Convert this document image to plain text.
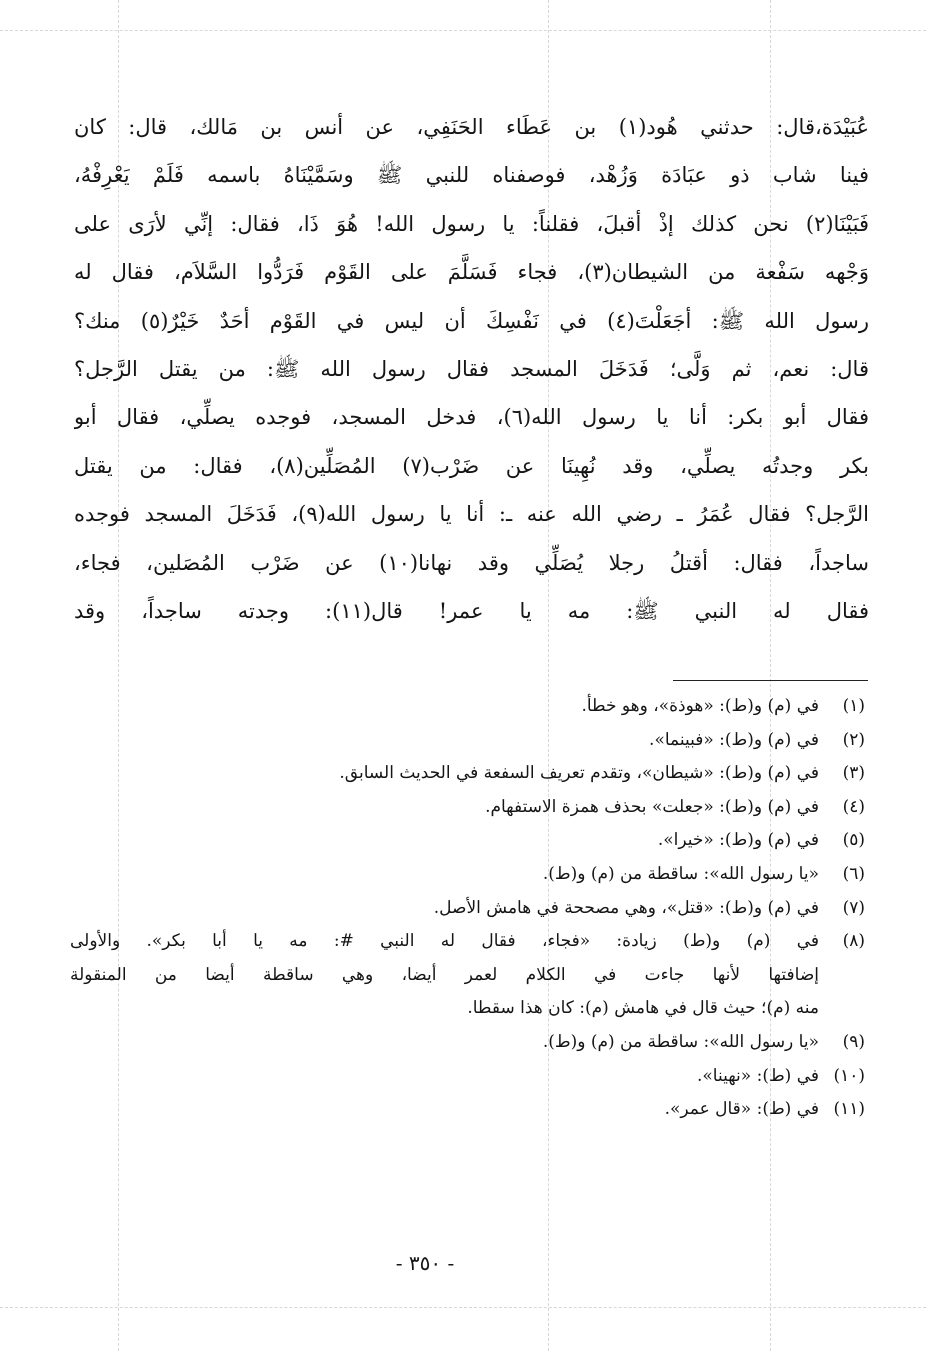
عُبَيْدَة،قال: حدثني هُود(١) بن عَطَاء الحَنَفِي، عن أنس بن مَالك، قال: كان
فينا شاب ذو عبَادَة وَزُهْد، فوصفناه للنبي ﷺ وسَمَّيْنَاهُ باسمه فَلَمْ يَعْرِفْهُ،
فَبَيْنَا(٢) نحن كذلك إذْ أقبلَ، فقلناً: يا رسول الله! هُوَ ذَا، فقال: إنِّي لأرَى على
وَجْهه سَفْعة من الشيطان(٣)، فجاء فَسَلَّمَ على القَوْم فَرَدُّوا السَّلاَم، فقال له
رسول الله ﷺ: أجَعَلْتَ(٤) في نَفْسِكَ أن ليس في القَوْم أحَدٌ خَيْرٌ(٥) منك؟
قال: نعم، ثم وَلَّى؛ فَدَخَلَ المسجد فقال رسول الله ﷺ: من يقتل الرَّجل؟
فقال أبو بكر: أنا يا رسول الله(٦)، فدخل المسجد، فوجده يصلِّي، فقال أبو
بكر وجدتُه يصلِّي، وقد نُهِينَا عن ضَرْب(٧) المُصَلِّين(٨)، فقال: من يقتل
الرَّجل؟ فقال عُمَرُ ـ رضي الله عنه ـ: أنا يا رسول الله(٩)، فَدَخَلَ المسجد فوجده
ساجداً، فقال: أقتلُ رجلا يُصَلِّي وقد نهانا(١٠) عن ضَرْب المُصَلين، فجاء،
فقال له النبي ﷺ: مه يا عمر! قال(١١): وجدته ساجداً، وقد
(١)في (م) و(ط): «هوذة»، وهو خطأ.
(٢)في (م) و(ط): «فبينما».
(٣)في (م) و(ط): «شيطان»، وتقدم تعريف السفعة في الحديث السابق.
(٤)في (م) و(ط): «جعلت» بحذف همزة الاستفهام.
(٥)في (م) و(ط): «خيرا».
(٦)«يا رسول الله»: ساقطة من (م) و(ط).
(٧)في (م) و(ط): «قتل»، وهي مصححة في هامش الأصل.
(٨)في (م) و(ط) زيادة: «فجاء، فقال له النبي #: مه يا أبا بكر». والأولى
إضافتها لأنها جاءت في الكلام لعمر أيضا، وهي ساقطة أيضا من المنقولة
منه (م)؛ حيث قال في هامش (م): كان هذا سقطا.
(٩)«يا رسول الله»: ساقطة من (م) و(ط).
(١٠)في (ط): «نهينا».
(١١)في (ط): «قال عمر».
- ٣٥٠ -
